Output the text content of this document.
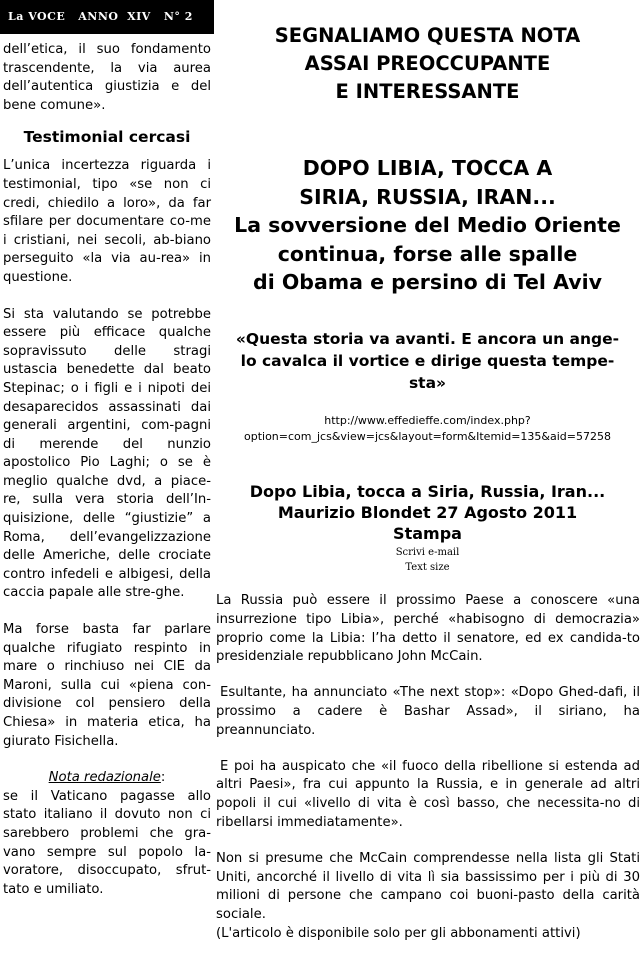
La VOCE   ANNO  XIV   N° 2

dell’etica, il suo fondamento trascendente, la via aurea dell’autentica giustizia e del bene comune».

Testimonial cercasi

L’unica incertezza riguarda i testimonial, tipo «se non ci credi, chiedilo a loro», da far sfilare per documentare co-me i cristiani, nei secoli, ab-biano perseguito «la via au-rea» in questione.

Si sta valutando se potrebbe essere più efficace qualche sopravissuto delle stragi ustascia benedette dal beato Stepinac; o i figli e i nipoti dei desaparecidos assassinati dai generali argentini, com-pagni di merende del nunzio apostolico Pio Laghi; o se è meglio qualche dvd, a piace-re, sulla vera storia dell’In-quisizione, delle “giustizie” a Roma, dell’evangelizzazione delle Americhe, delle crociate contro infedeli e albigesi, della caccia papale alle stre-ghe.

Ma forse basta far parlare qualche rifugiato respinto in mare o rinchiuso nei CIE da Maroni, sulla cui «piena con-divisione col pensiero della Chiesa» in materia etica, ha giurato Fisichella.

Nota redazionale:

se il Vaticano pagasse allo stato italiano il dovuto non ci sarebbero problemi che gra-vano sempre sul popolo la-voratore, disoccupato, sfrut-tato e umiliato.

SEGNALIAMO QUESTA NOTA
ASSAI PREOCCUPANTE
E INTERESSANTE
DOPO LIBIA, TOCCA A
SIRIA, RUSSIA, IRAN...
La sovversione del Medio Oriente
continua, forse alle spalle
di Obama e persino di Tel Aviv
«Questa storia va avanti. E ancora un ange-
lo cavalca il vortice e dirige questa tempe-
sta»
http://www.effedieffe.com/index.php?
option=com_jcs&view=jcs&layout=form&Itemid=135&aid=57258
Dopo Libia, tocca a Siria, Russia, Iran...
Maurizio Blondet 27 Agosto 2011
Stampa
Scrivi e-mail
Text size

La Russia può essere il prossimo Paese a conoscere «una insurrezione tipo Libia», perché «habisogno di democrazia» proprio come la Libia: l’ha detto il senatore, ed ex candida-to presidenziale repubblicano John McCain.

Esultante, ha annunciato «The next stop»: «Dopo Ghed-dafi, il prossimo a cadere è Bashar Assad», il siriano, ha preannunciato.

E poi ha auspicato che «il fuoco della ribellione si estenda ad altri Paesi», fra cui appunto la Russia, e in generale ad altri popoli il cui «livello di vita è così basso, che necessita-no di ribellarsi immediatamente».

Non si presume che McCain comprendesse nella lista gli Stati Uniti, ancorché il livello di vita lì sia bassissimo per i più di 30 milioni di persone che campano coi buoni-pasto della carità sociale.

(L'articolo è disponibile solo per gli abbonamenti attivi)
